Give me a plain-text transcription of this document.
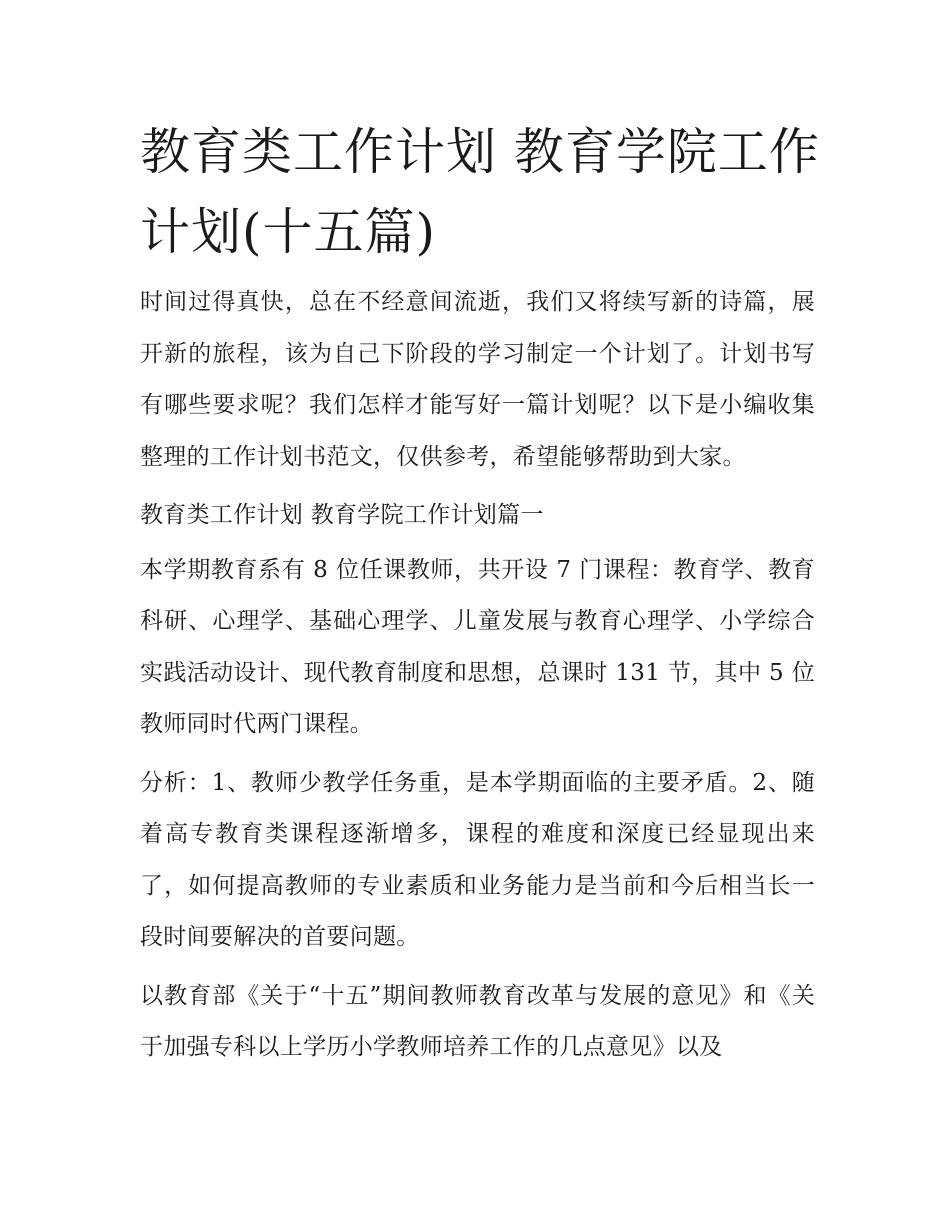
教育类工作计划 教育学院工作计划(十五篇)

时间过得真快，总在不经意间流逝，我们又将续写新的诗篇，展开新的旅程，该为自己下阶段的学习制定一个计划了。计划书写有哪些要求呢？我们怎样才能写好一篇计划呢？以下是小编收集整理的工作计划书范文，仅供参考，希望能够帮助到大家。

教育类工作计划 教育学院工作计划篇一

本学期教育系有 8 位任课教师，共开设 7 门课程：教育学、教育科研、心理学、基础心理学、儿童发展与教育心理学、小学综合实践活动设计、现代教育制度和思想，总课时 131 节，其中 5 位教师同时代两门课程。

分析：1、教师少教学任务重，是本学期面临的主要矛盾。2、随着高专教育类课程逐渐增多，课程的难度和深度已经显现出来了，如何提高教师的专业素质和业务能力是当前和今后相当长一段时间要解决的首要问题。

以教育部《关于“十五”期间教师教育改革与发展的意见》和《关于加强专科以上学历小学教师培养工作的几点意见》以及
